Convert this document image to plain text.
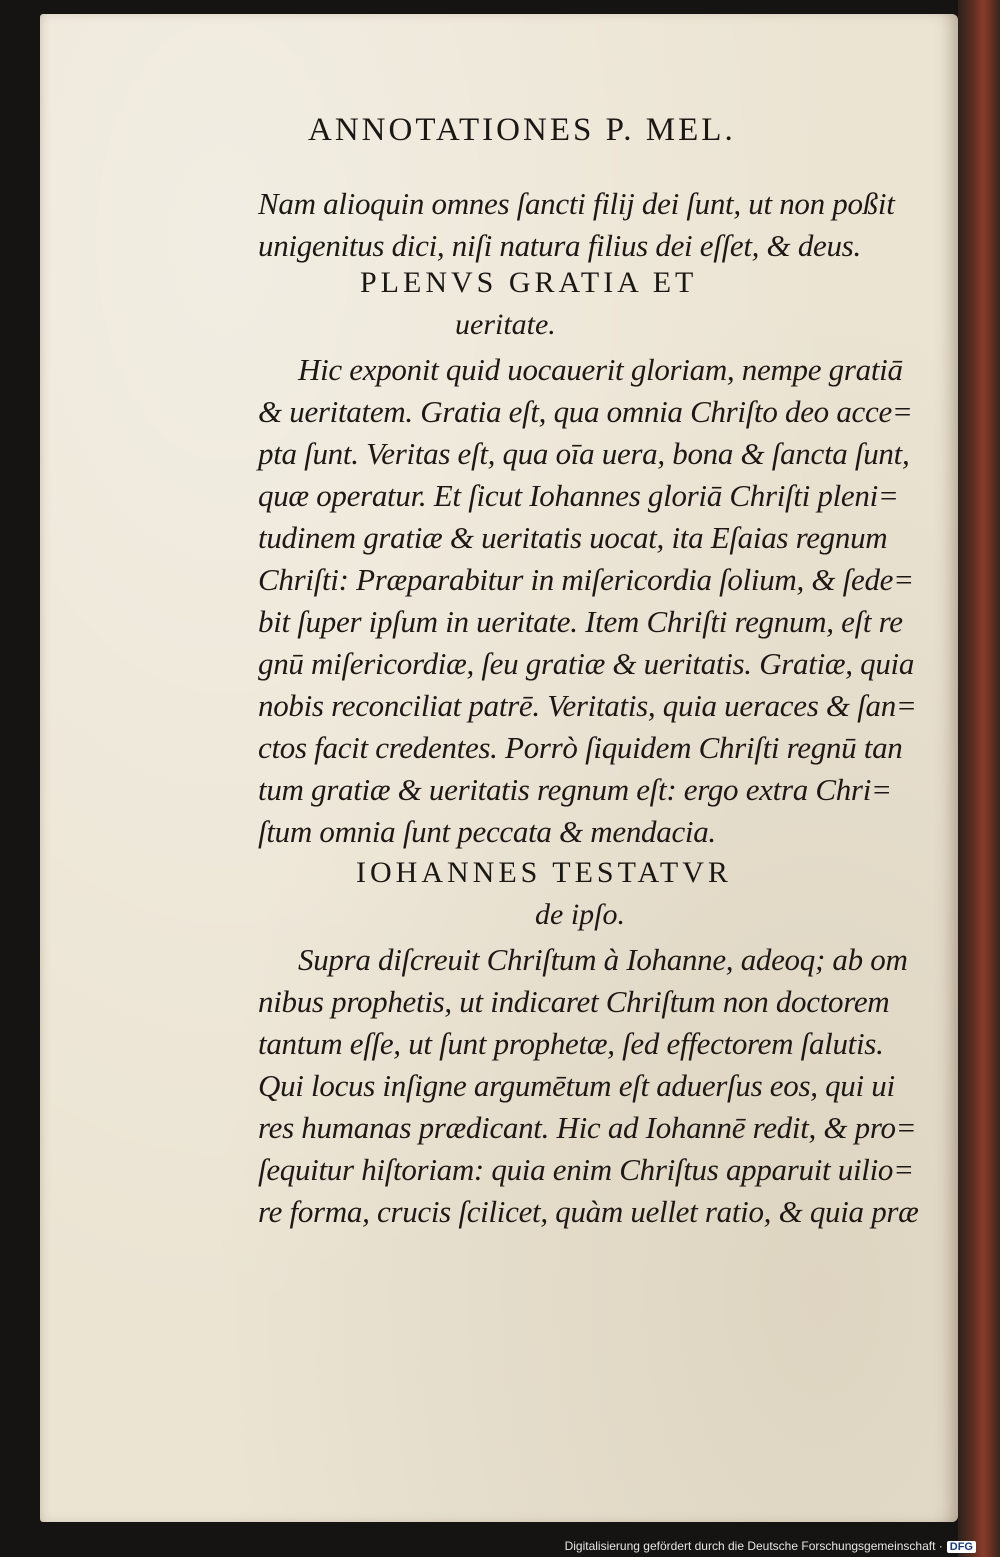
ANNOTATIONES P. MEL.
Nam alioquin omnes ſancti filij dei ſunt, ut non poßit
unigenitus dici, niſi natura filius dei eſſet, & deus.
PLENVS GRATIA ET
ueritate.
Hic exponit quid uocauerit gloriam, nempe gratiā
& ueritatem. Gratia eſt, qua omnia Chriſto deo acce=
pta ſunt. Veritas eſt, qua oīa uera, bona & ſancta ſunt,
quæ operatur. Et ſicut Iohannes gloriā Chriſti pleni=
tudinem gratiæ & ueritatis uocat, ita Eſaias regnum
Chriſti: Præparabitur in miſericordia ſolium, & ſede=
bit ſuper ipſum in ueritate. Item Chriſti regnum, eſt re
gnū miſericordiæ, ſeu gratiæ & ueritatis. Gratiæ, quia
nobis reconciliat patrē. Veritatis, quia ueraces & ſan=
ctos facit credentes. Porrò ſiquidem Chriſti regnū tan
tum gratiæ & ueritatis regnum eſt: ergo extra Chri=
ſtum omnia ſunt peccata & mendacia.
IOHANNES TESTATVR
de ipſo.
Supra diſcreuit Chriſtum à Iohanne, adeoq; ab om
nibus prophetis, ut indicaret Chriſtum non doctorem
tantum eſſe, ut ſunt prophetæ, ſed effectorem ſalutis.
Qui locus inſigne argumētum eſt aduerſus eos, qui ui
res humanas prædicant. Hic ad Iohannē redit, & pro=
ſequitur hiſtoriam: quia enim Chriſtus apparuit uilio=
re forma, crucis ſcilicet, quàm uellet ratio, & quia præ
Digitalisierung gefördert durch die Deutsche Forschungsgemeinschaft · DFG
